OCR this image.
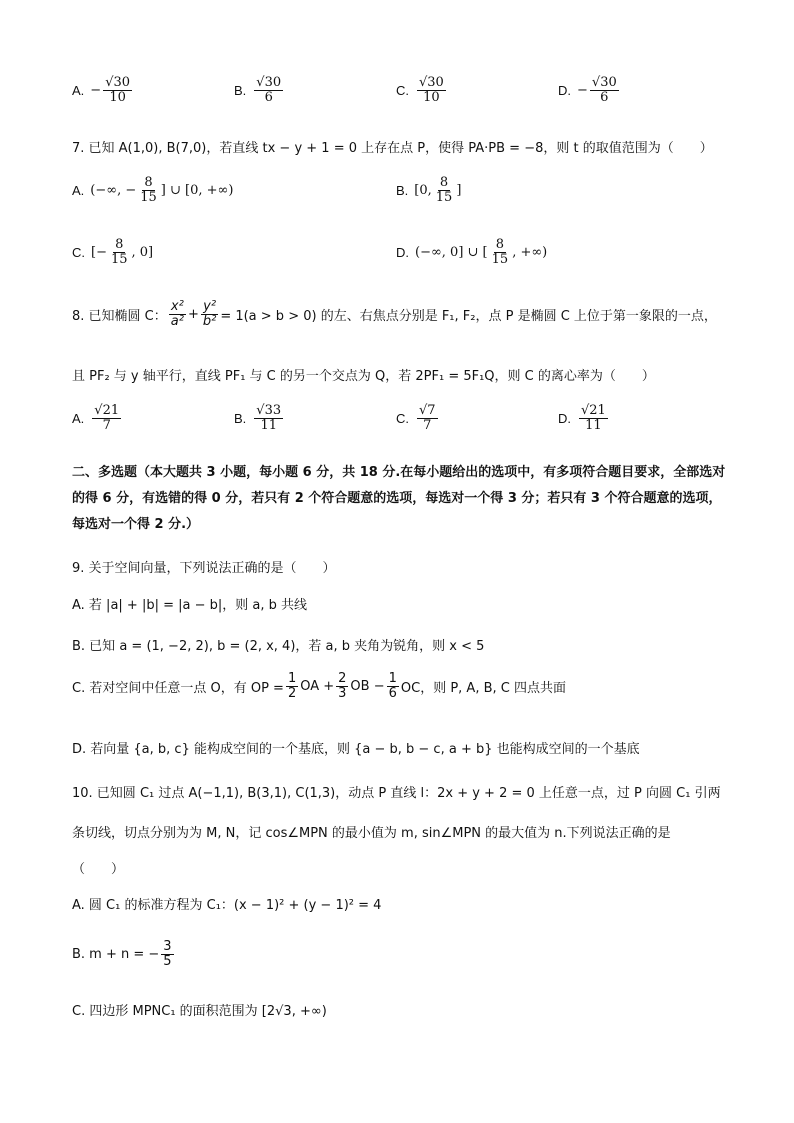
A. − $\frac{√30}{10}$	B. $\frac{√30}{6}$	C. $\frac{√30}{10}$	D. − $\frac{√30}{6}$
7. 已知 A(1,0), B(7,0)，若直线 tx − y + 1 = 0 上存在点 P，使得 PA·PB = −8，则 t 的取值范围为（　　）
A. (−∞, − $\frac{8}{15}$ ] ∪ [0, +∞)	B. [0, $\frac{8}{15}$ ]
C. [− $\frac{8}{15}$ , 0]	D. (−∞, 0] ∪ [ $\frac{8}{15}$ , +∞)
8. 已知椭圆 C： $\frac{\text{x²}}{\text{a²}} + \frac{\text{y²}}{\text{b²}} = 1(a > b > 0)$ 的左、右焦点分别是 F₁, F₂，点 P 是椭圆 C 上位于第一象限的一点，
且 PF₂ 与 y 轴平行，直线 PF₁ 与 C 的另一个交点为 Q，若 2PF₁ = 5F₁Q，则 C 的离心率为（　　）
A. $\frac{√21}{7}$	B. $\frac{√33}{11}$	C. $\frac{√7}{7}$	D. $\frac{√21}{11}$
二、多选题（本大题共 3 小题，每小题 6 分，共 18 分.在每小题给出的选项中，有多项符合题目要求，全部选对的得 6 分，有选错的得 0 分，若只有 2 个符合题意的选项，每选对一个得 3 分；若只有 3 个符合题意的选项，每选对一个得 2 分.）
9. 关于空间向量，下列说法正确的是（　　）
A. 若 |a| + |b| = |a − b|，则 a, b 共线
B. 已知 a = (1, −2, 2), b = (2, x, 4)，若 a, b 夹角为锐角，则 x < 5
C. 若对空间中任意一点 O，有 OP = $\frac{1}{2}$ OA + $\frac{2}{3}$ OB − $\frac{1}{6}$ OC，则 P, A, B, C 四点共面
D. 若向量 {a, b, c} 能构成空间的一个基底，则 {a − b, b − c, a + b} 也能构成空间的一个基底
10. 已知圆 C₁ 过点 A(−1,1), B(3,1), C(1,3)，动点 P 直线 l：2x + y + 2 = 0 上任意一点，过 P 向圆 C₁ 引两
条切线，切点分别为为 M, N，记 cos∠MPN 的最小值为 m, sin∠MPN 的最大值为 n.下列说法正确的是
（　　）
A. 圆 C₁ 的标准方程为 C₁：(x − 1)² + (y − 1)² = 4
B. m + n = − $\frac{3}{5}$
C. 四边形 MPNC₁ 的面积范围为 [2√3, +∞)
